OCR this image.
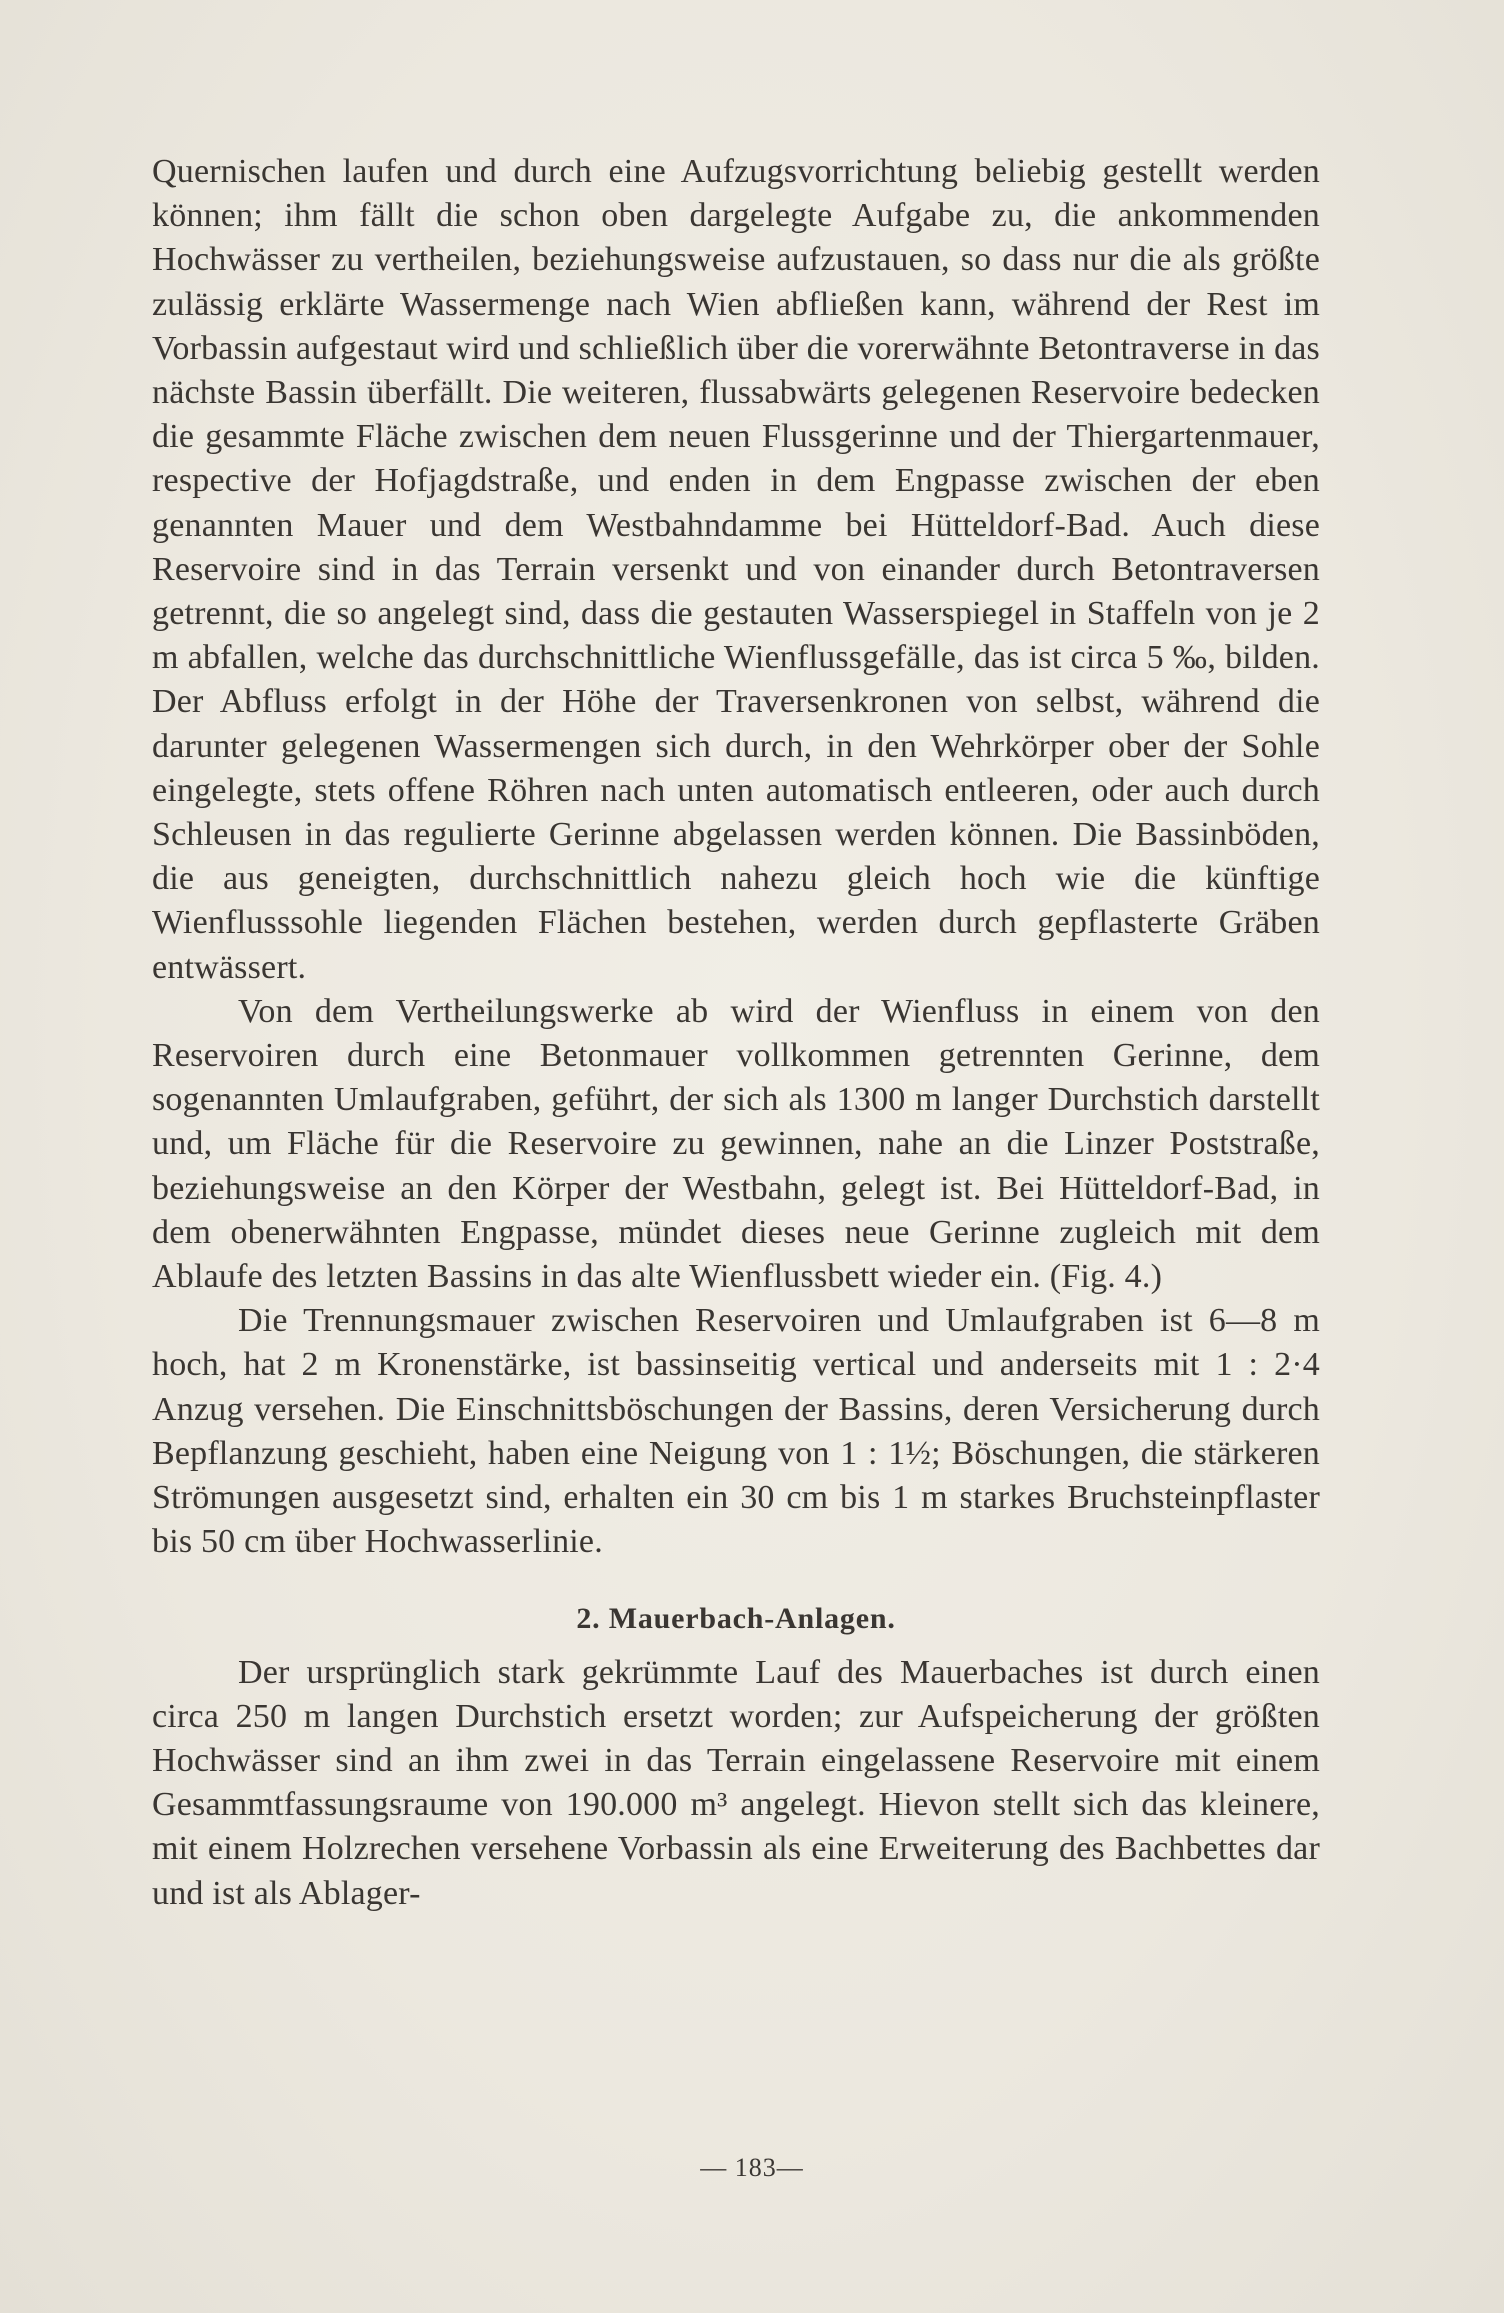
Quernischen laufen und durch eine Aufzugsvorrichtung beliebig gestellt werden können; ihm fällt die schon oben dargelegte Aufgabe zu, die ankommenden Hochwässer zu vertheilen, beziehungsweise aufzustauen, so dass nur die als größte zulässig erklärte Wassermenge nach Wien abfließen kann, während der Rest im Vorbassin aufgestaut wird und schließlich über die vorerwähnte Betontraverse in das nächste Bassin überfällt. Die weiteren, flussabwärts gelegenen Reservoire bedecken die gesammte Fläche zwischen dem neuen Flussgerinne und der Thiergartenmauer, respective der Hofjagdstraße, und enden in dem Engpasse zwischen der eben genannten Mauer und dem Westbahndamme bei Hütteldorf-Bad. Auch diese Reservoire sind in das Terrain versenkt und von einander durch Betontraversen getrennt, die so angelegt sind, dass die gestauten Wasserspiegel in Staffeln von je 2 m abfallen, welche das durchschnittliche Wienflussgefälle, das ist circa 5 ‰, bilden. Der Abfluss erfolgt in der Höhe der Traversenkronen von selbst, während die darunter gelegenen Wassermengen sich durch, in den Wehrkörper ober der Sohle eingelegte, stets offene Röhren nach unten automatisch entleeren, oder auch durch Schleusen in das regulierte Gerinne abgelassen werden können. Die Bassinböden, die aus geneigten, durchschnittlich nahezu gleich hoch wie die künftige Wienflusssohle liegenden Flächen bestehen, werden durch gepflasterte Gräben entwässert.

Von dem Vertheilungswerke ab wird der Wienfluss in einem von den Reservoiren durch eine Betonmauer vollkommen getrennten Gerinne, dem sogenannten Umlaufgraben, geführt, der sich als 1300 m langer Durchstich darstellt und, um Fläche für die Reservoire zu gewinnen, nahe an die Linzer Poststraße, beziehungsweise an den Körper der Westbahn, gelegt ist. Bei Hütteldorf-Bad, in dem obenerwähnten Engpasse, mündet dieses neue Gerinne zugleich mit dem Ablaufe des letzten Bassins in das alte Wienflussbett wieder ein. (Fig. 4.)

Die Trennungsmauer zwischen Reservoiren und Umlaufgraben ist 6—8 m hoch, hat 2 m Kronenstärke, ist bassinseitig vertical und anderseits mit 1 : 2·4 Anzug versehen. Die Einschnittsböschungen der Bassins, deren Versicherung durch Bepflanzung geschieht, haben eine Neigung von 1 : 1½; Böschungen, die stärkeren Strömungen ausgesetzt sind, erhalten ein 30 cm bis 1 m starkes Bruchsteinpflaster bis 50 cm über Hochwasserlinie.

2. Mauerbach-Anlagen.

Der ursprünglich stark gekrümmte Lauf des Mauerbaches ist durch einen circa 250 m langen Durchstich ersetzt worden; zur Aufspeicherung der größten Hochwässer sind an ihm zwei in das Terrain eingelassene Reservoire mit einem Gesammtfassungsraume von 190.000 m³ angelegt. Hievon stellt sich das kleinere, mit einem Holzrechen versehene Vorbassin als eine Erweiterung des Bachbettes dar und ist als Ablager-

— 183—
